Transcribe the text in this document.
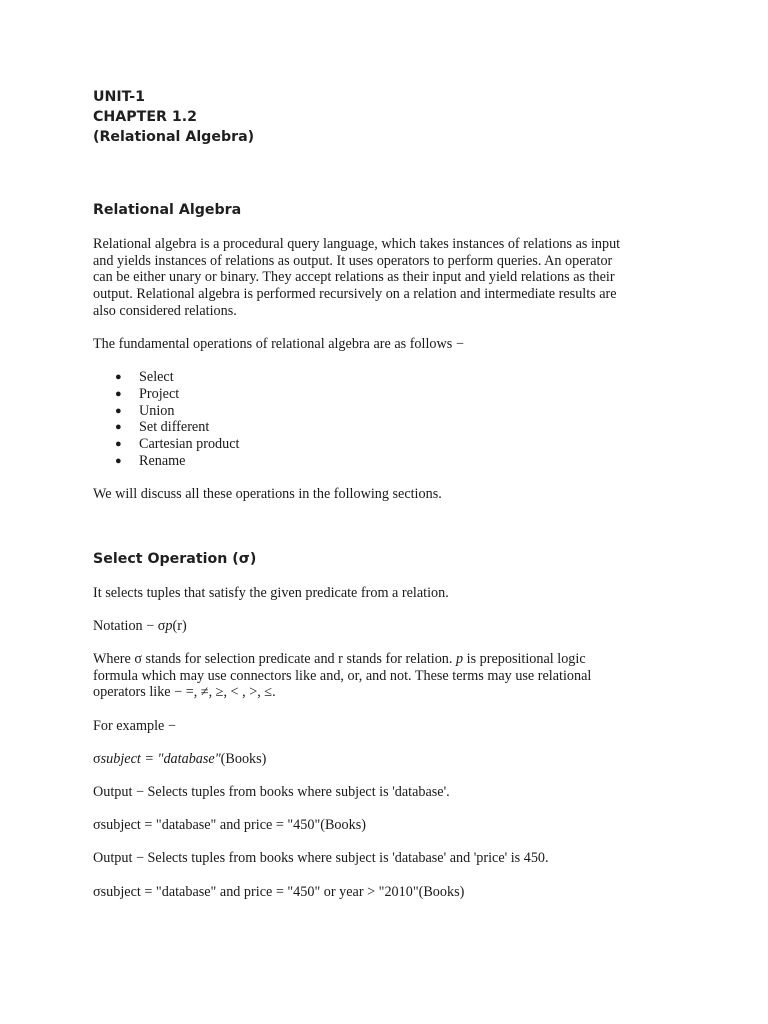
UNIT-1
CHAPTER 1.2
(Relational Algebra)
Relational Algebra
Relational algebra is a procedural query language, which takes instances of relations as input
and yields instances of relations as output. It uses operators to perform queries. An operator
can be either unary or binary. They accept relations as their input and yield relations as their
output. Relational algebra is performed recursively on a relation and intermediate results are
also considered relations.

The fundamental operations of relational algebra are as follows −

● Select
● Project
● Union
● Set different
● Cartesian product
● Rename

We will discuss all these operations in the following sections.

Select Operation (σ)

It selects tuples that satisfy the given predicate from a relation.

Notation − σp(r)

Where σ stands for selection predicate and r stands for relation. p is prepositional logic
formula which may use connectors like and, or, and not. These terms may use relational
operators like − =, ≠, ≥, < , >, ≤.

For example −

σsubject = "database"(Books)

Output − Selects tuples from books where subject is 'database'.

σsubject = "database" and price = "450"(Books)

Output − Selects tuples from books where subject is 'database' and 'price' is 450.

σsubject = "database" and price = "450" or year > "2010"(Books)
